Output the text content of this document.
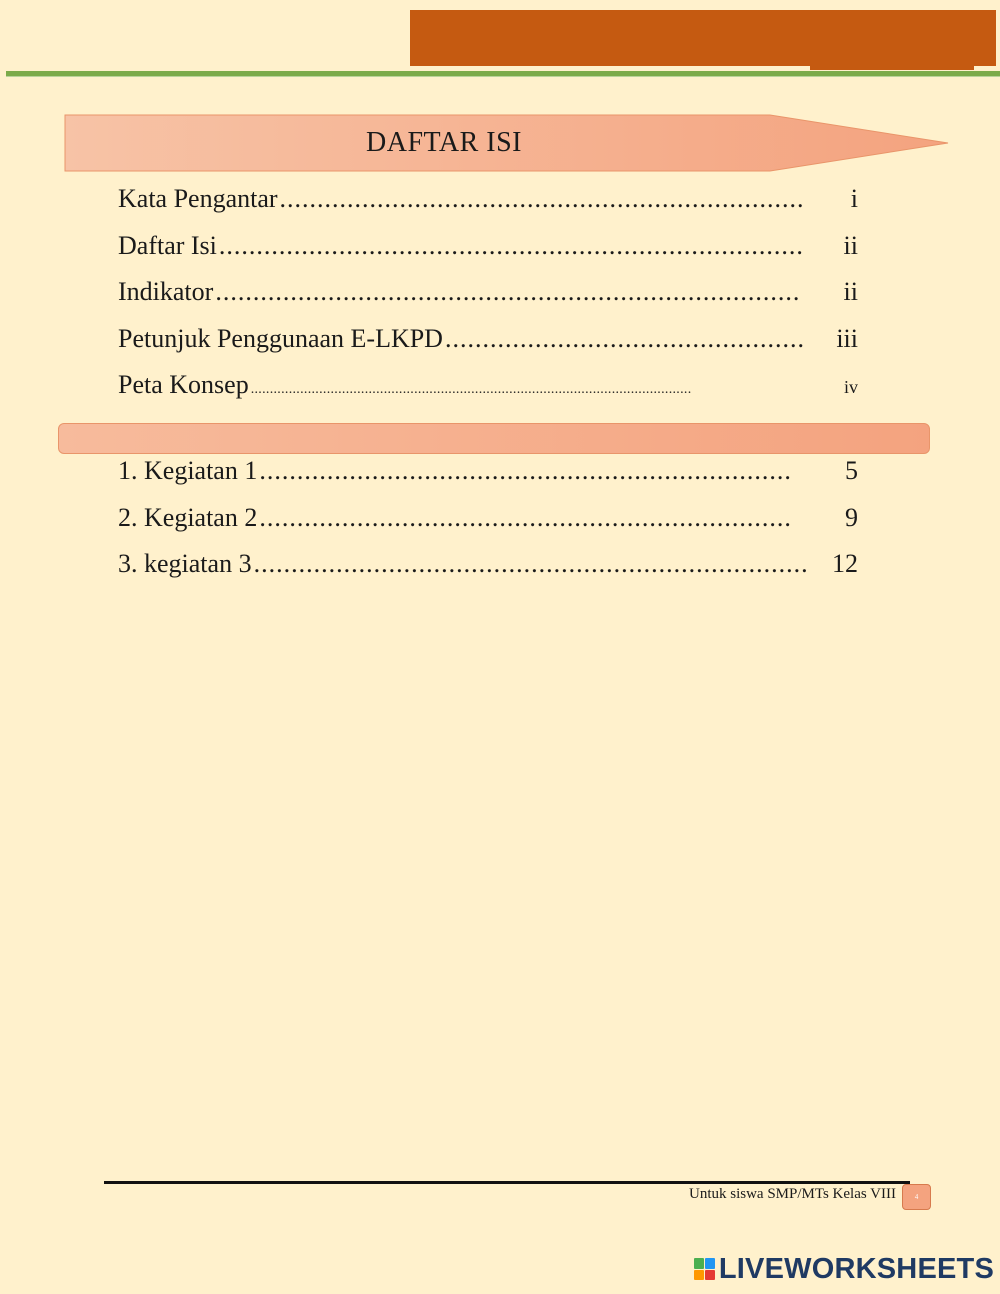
DAFTAR ISI
Kata Pengantar ......................................................................	i
Daftar Isi ..............................................................................	ii
Indikator ..............................................................................	ii
Petunjuk Penggunaan E-LKPD ................................................	iii
Peta Konsep ....................................................................................................................	iv
1. Kegiatan 1 .......................................................................	5
2. Kegiatan 2 .......................................................................	9
3. kegiatan 3 .......................................................................... 12
Untuk siswa SMP/MTs Kelas VIII	4
LIVEWORKSHEETS
